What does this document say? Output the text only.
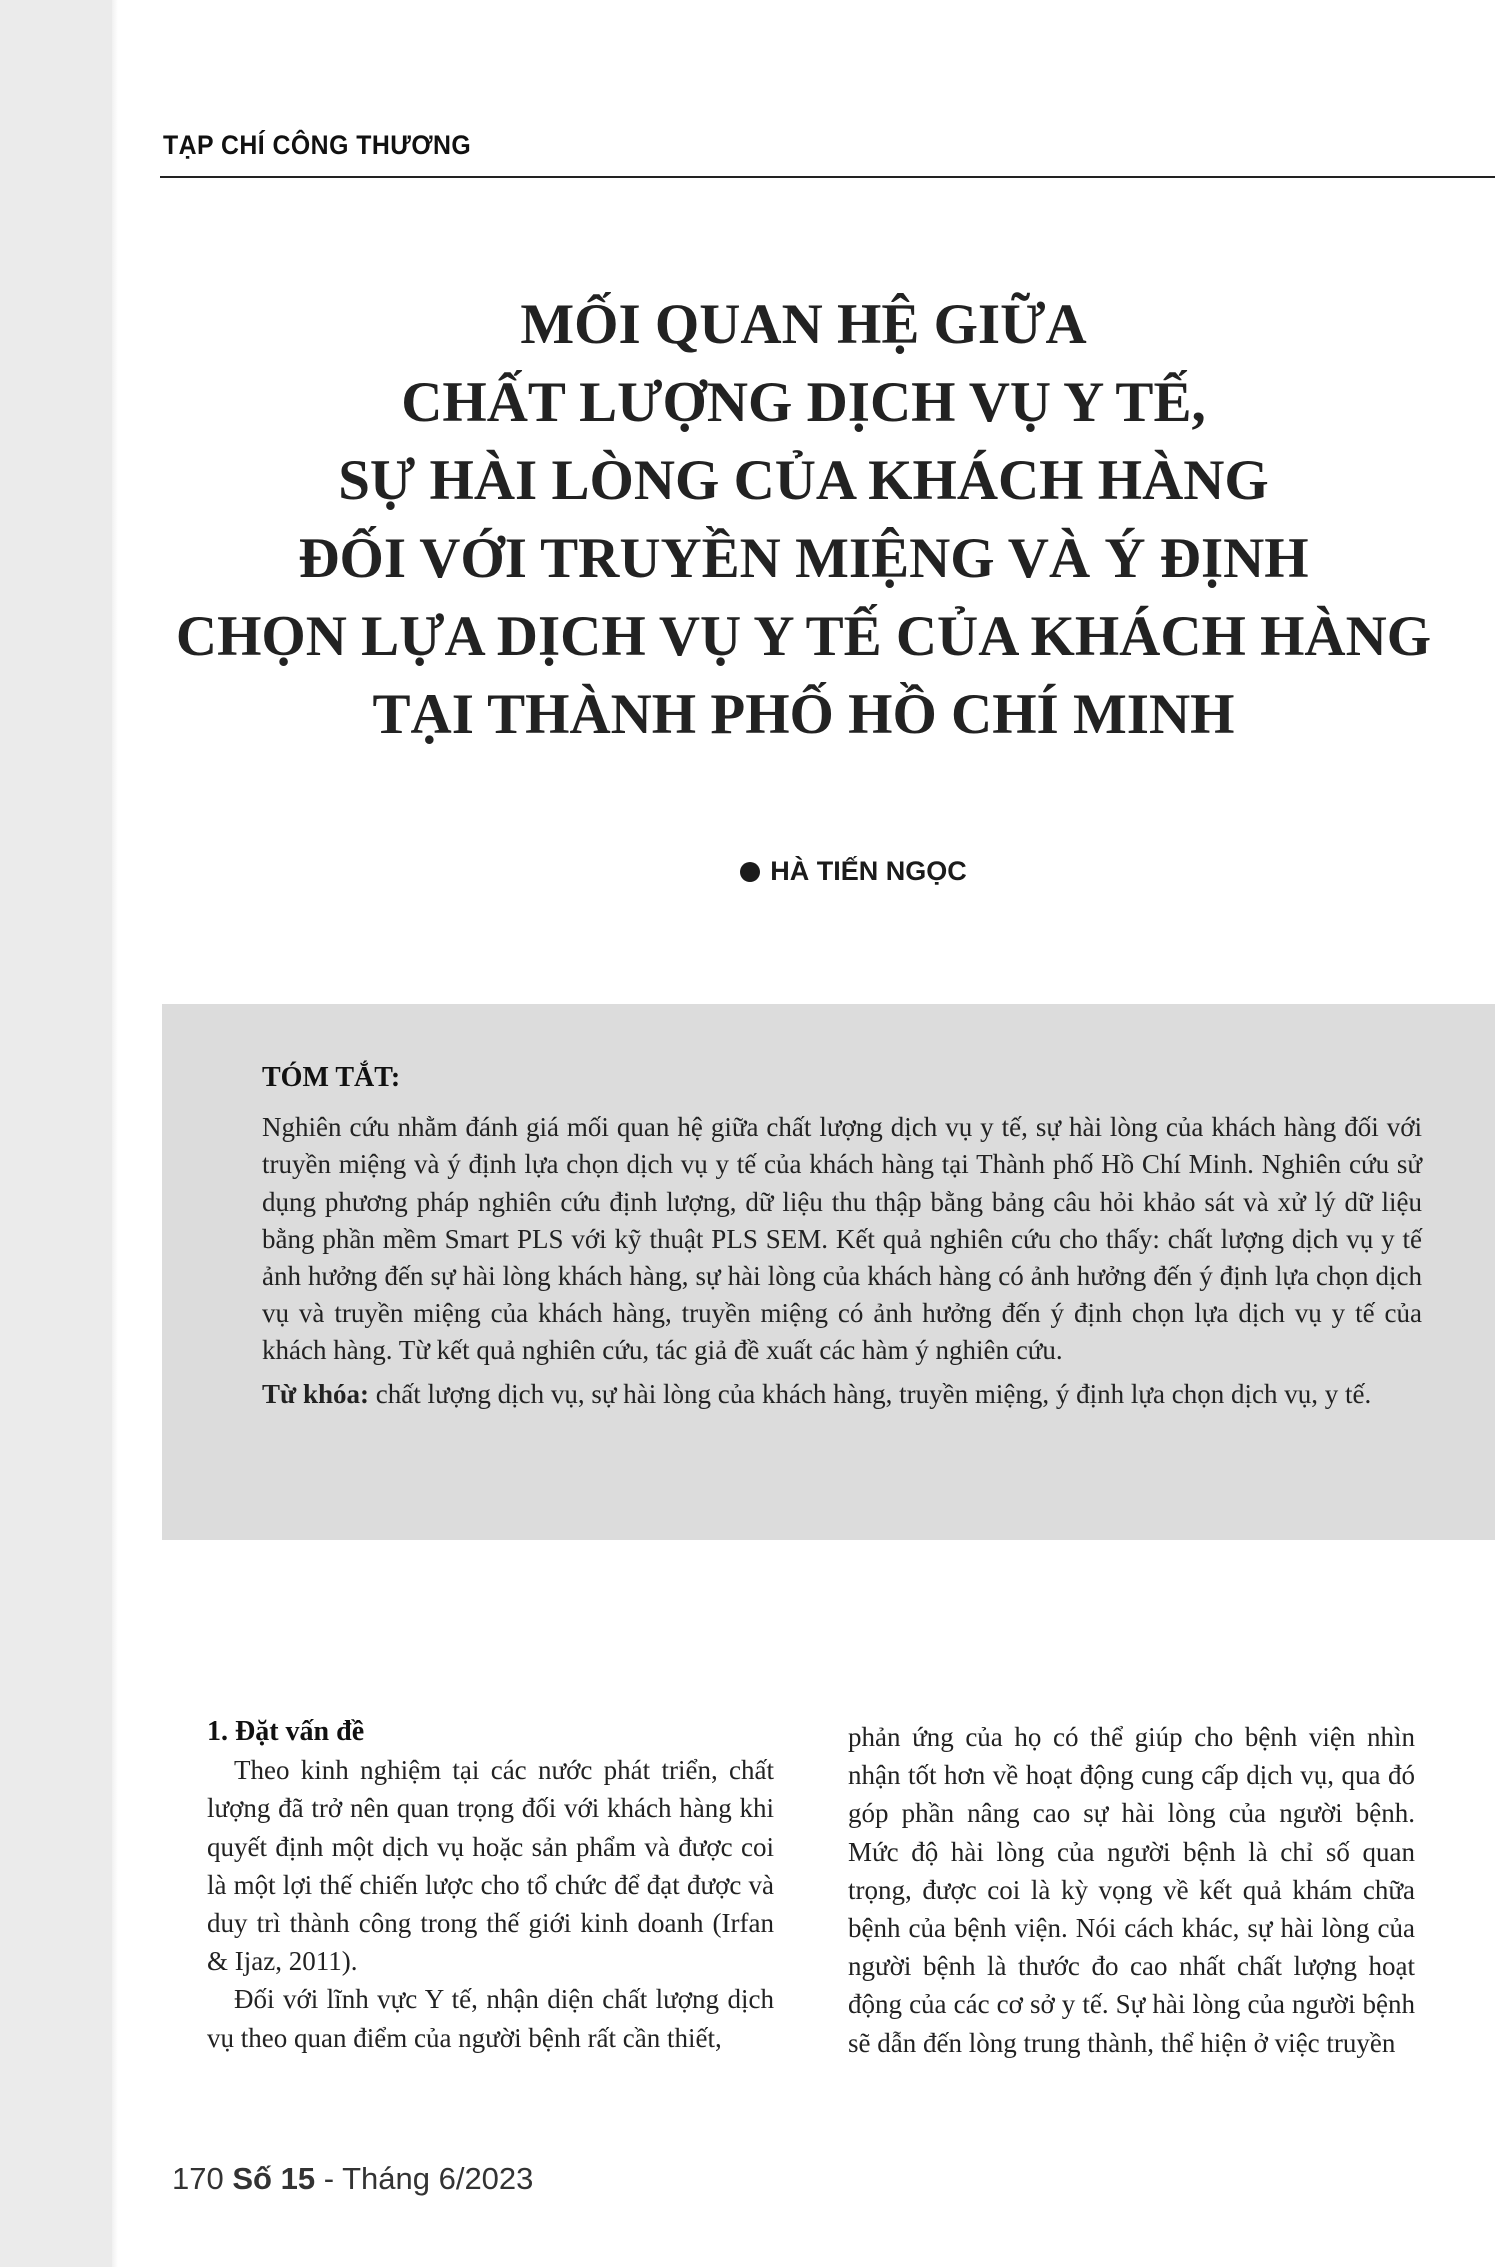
TẠP CHÍ CÔNG THƯƠNG
MỐI QUAN HỆ GIỮA
CHẤT LƯỢNG DỊCH VỤ Y TẾ,
SỰ HÀI LÒNG CỦA KHÁCH HÀNG
ĐỐI VỚI TRUYỀN MIỆNG VÀ Ý ĐỊNH
CHỌN LỰA DỊCH VỤ Y TẾ CỦA KHÁCH HÀNG
TẠI THÀNH PHỐ HỒ CHÍ MINH
HÀ TIẾN NGỌC

TÓM TẮT:

Nghiên cứu nhằm đánh giá mối quan hệ giữa chất lượng dịch vụ y tế, sự hài lòng của khách hàng đối với truyền miệng và ý định lựa chọn dịch vụ y tế của khách hàng tại Thành phố Hồ Chí Minh. Nghiên cứu sử dụng phương pháp nghiên cứu định lượng, dữ liệu thu thập bằng bảng câu hỏi khảo sát và xử lý dữ liệu bằng phần mềm Smart PLS với kỹ thuật PLS SEM. Kết quả nghiên cứu cho thấy: chất lượng dịch vụ y tế ảnh hưởng đến sự hài lòng khách hàng, sự hài lòng của khách hàng có ảnh hưởng đến ý định lựa chọn dịch vụ và truyền miệng của khách hàng, truyền miệng có ảnh hưởng đến ý định chọn lựa dịch vụ y tế của khách hàng. Từ kết quả nghiên cứu, tác giả đề xuất các hàm ý nghiên cứu.

Từ khóa: chất lượng dịch vụ, sự hài lòng của khách hàng, truyền miệng, ý định lựa chọn dịch vụ, y tế.

1. Đặt vấn đề

 Theo kinh nghiệm tại các nước phát triển, chất lượng đã trở nên quan trọng đối với khách hàng khi quyết định một dịch vụ hoặc sản phẩm và được coi là một lợi thế chiến lược cho tổ chức để đạt được và duy trì thành công trong thế giới kinh doanh (Irfan & Ijaz, 2011).

 Đối với lĩnh vực Y tế, nhận diện chất lượng dịch vụ theo quan điểm của người bệnh rất cần thiết,

phản ứng của họ có thể giúp cho bệnh viện nhìn nhận tốt hơn về hoạt động cung cấp dịch vụ, qua đó góp phần nâng cao sự hài lòng của người bệnh. Mức độ hài lòng của người bệnh là chỉ số quan trọng, được coi là kỳ vọng về kết quả khám chữa bệnh của bệnh viện. Nói cách khác, sự hài lòng của người bệnh là thước đo cao nhất chất lượng hoạt động của các cơ sở y tế. Sự hài lòng của người bệnh sẽ dẫn đến lòng trung thành, thể hiện ở việc truyền

170 Số 15 - Tháng 6/2023
